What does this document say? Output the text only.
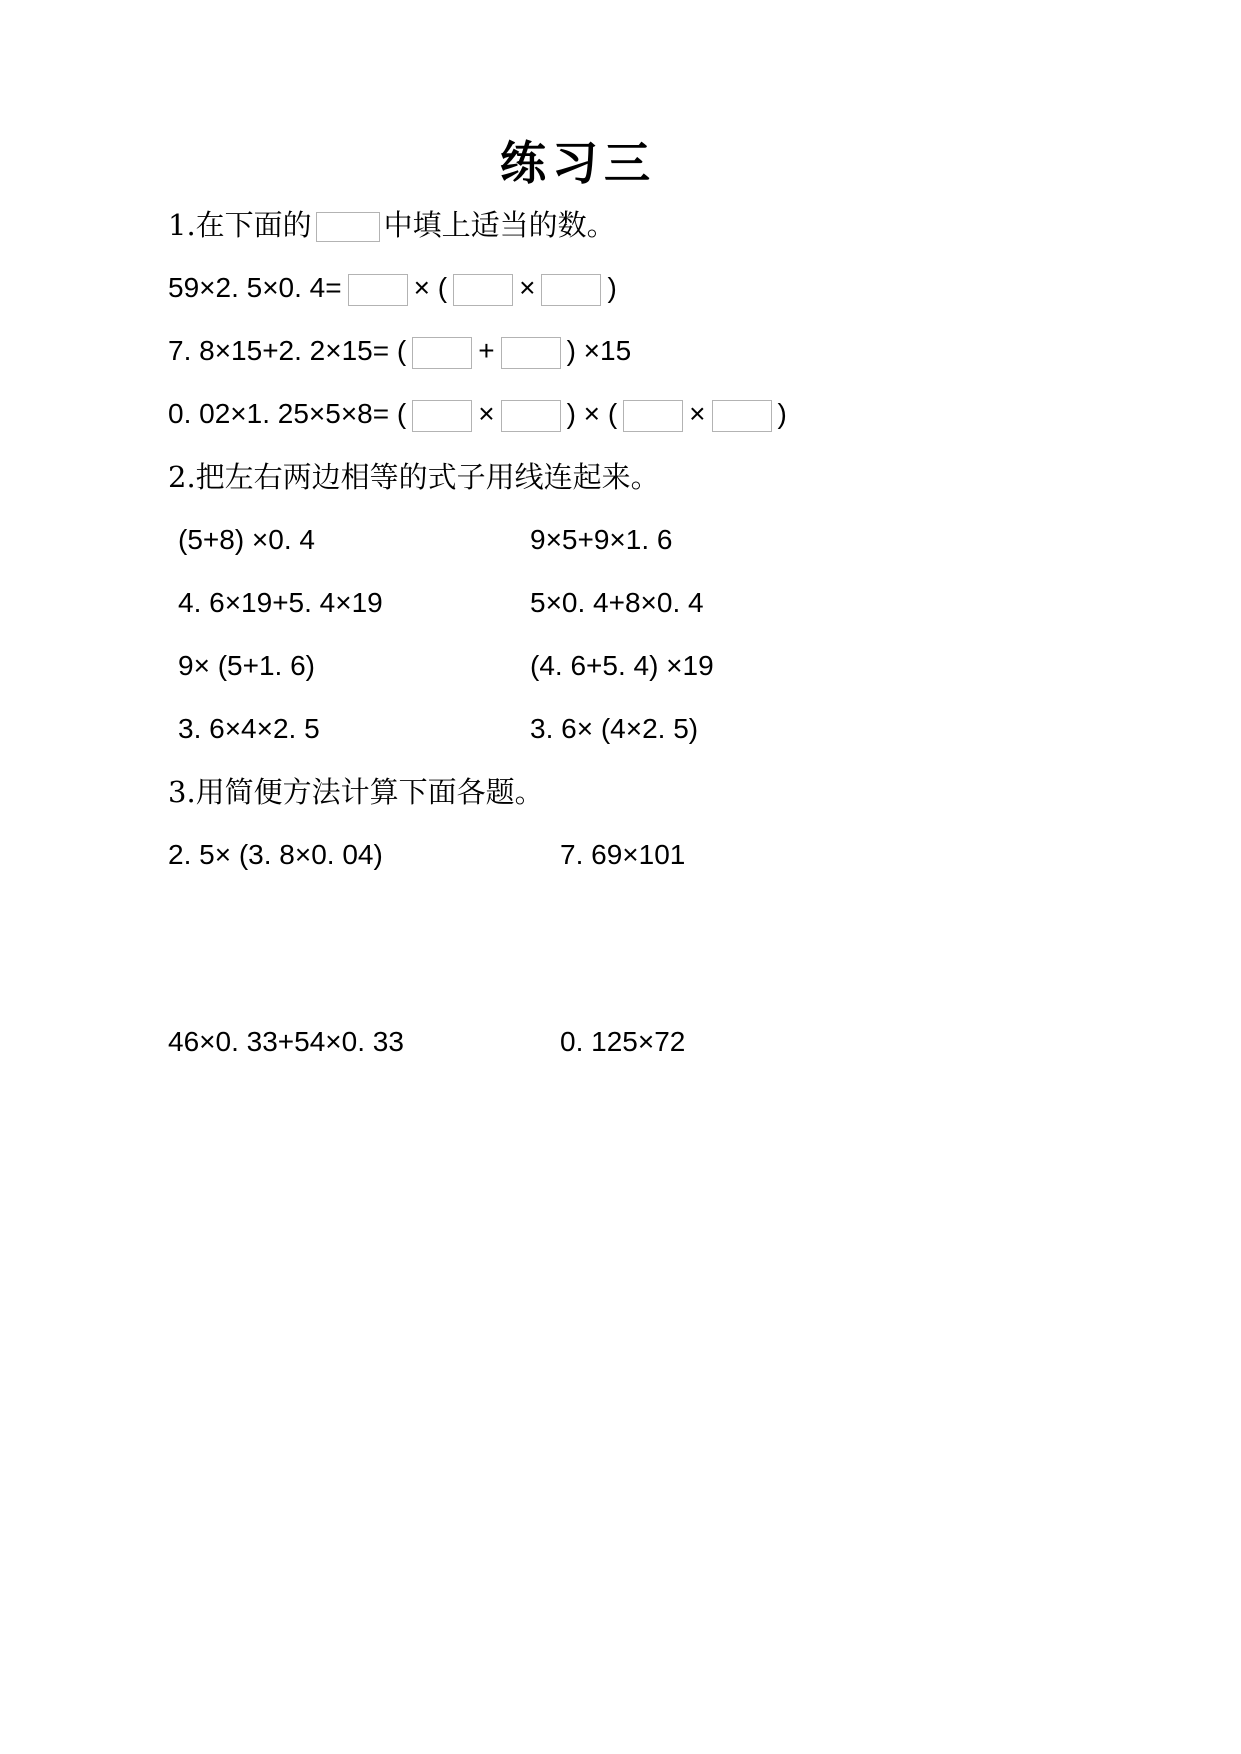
练习三
1.在下面的 中填上适当的数。
59×2. 5×0. 4=	× (	×	)
7. 8×15+2. 2×15= (	+	) ×15
0. 02×1. 25×5×8= (	×	) × (	×	)
2.把左右两边相等的式子用线连起来。
(5+8) ×0. 4	9×5+9×1. 6
4. 6×19+5. 4×19	5×0. 4+8×0. 4
9× (5+1. 6)	(4. 6+5. 4) ×19
3. 6×4×2. 5	3. 6× (4×2. 5)
3.用简便方法计算下面各题。
2. 5× (3. 8×0. 04)	7. 69×101
46×0. 33+54×0. 33	0. 125×72
